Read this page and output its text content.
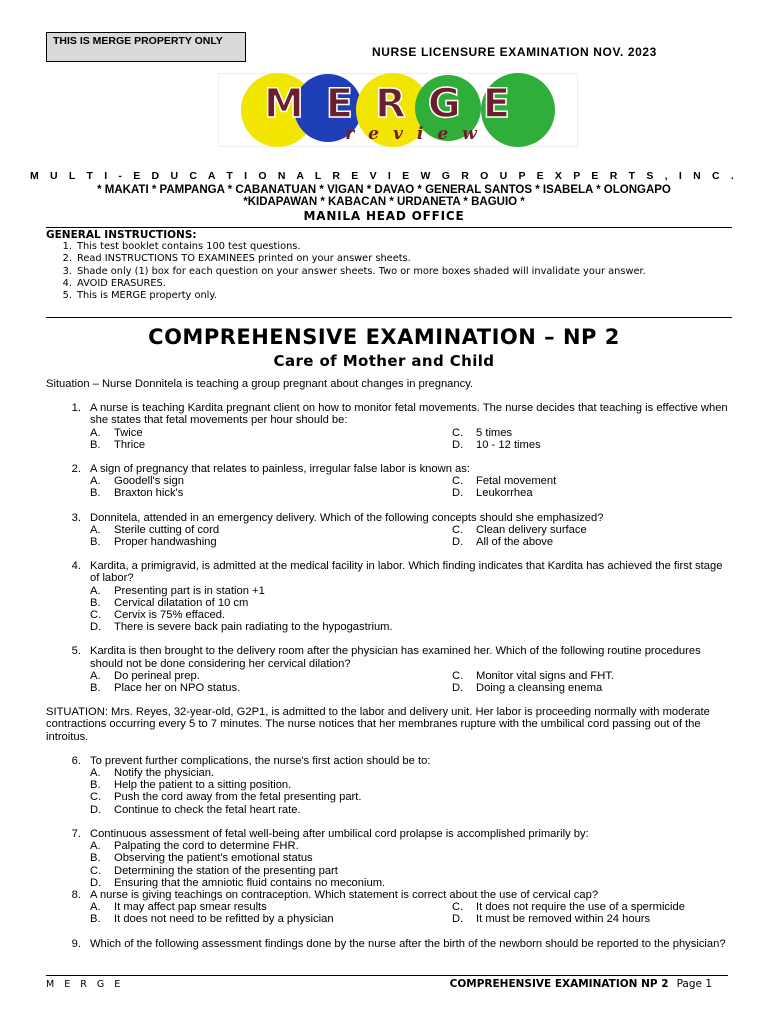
THIS IS MERGE PROPERTY ONLY
NURSE LICENSURE EXAMINATION NOV. 2023
MERGE
review
M U L T I - E D U C A T I O N A L R E V I E W G R O U P E X P E R T S , I N C .
* MAKATI * PAMPANGA * CABANATUAN * VIGAN * DAVAO * GENERAL SANTOS * ISABELA * OLONGAPO
*KIDAPAWAN * KABACAN * URDANETA * BAGUIO *
MANILA HEAD OFFICE
GENERAL INSTRUCTIONS:
1. This test booklet contains 100 test questions.
2. Read INSTRUCTIONS TO EXAMINEES printed on your answer sheets.
3. Shade only (1) box for each question on your answer sheets. Two or more boxes shaded will invalidate your answer.
4. AVOID ERASURES.
5. This is MERGE property only.
COMPREHENSIVE EXAMINATION – NP 2
Care of Mother and Child

Situation – Nurse Donnitela is teaching a group pregnant about changes in pregnancy.

1. A nurse is teaching Kardita pregnant client on how to monitor fetal movements. The nurse decides that teaching is effective when she states that fetal movements per hour should be:
A.	Twice	C.	5 times
B.	Thrice	D.	10 - 12 times
2. A sign of pregnancy that relates to painless, irregular false labor is known as:
A.	Goodell's sign	C.	Fetal movement
B.	Braxton hick's	D.	Leukorrhea
3. Donnitela, attended in an emergency delivery. Which of the following concepts should she emphasized?
A.	Sterile cutting of cord	C.	Clean delivery surface
B.	Proper handwashing	D.	All of the above
4. Kardita, a primigravid, is admitted at the medical facility in labor. Which finding indicates that Kardita has achieved the first stage of labor?
A.	Presenting part is in station +1
B.	Cervical dilatation of 10 cm
C.	Cervix is 75% effaced.
D.	There is severe back pain radiating to the hypogastrium.
5. Kardita is then brought to the delivery room after the physician has examined her. Which of the following routine procedures should not be done considering her cervical dilation?
A.	Do perineal prep.	C.	Monitor vital signs and FHT.
B.	Place her on NPO status.	D.	Doing a cleansing enema

SITUATION: Mrs. Reyes, 32-year-old, G2P1, is admitted to the labor and delivery unit. Her labor is proceeding normally with moderate contractions occurring every 5 to 7 minutes. The nurse notices that her membranes rupture with the umbilical cord passing out of the introitus.

6. To prevent further complications, the nurse's first action should be to:
A.	Notify the physician.
B.	Help the patient to a sitting position.
C.	Push the cord away from the fetal presenting part.
D.	Continue to check the fetal heart rate.
7. Continuous assessment of fetal well-being after umbilical cord prolapse is accomplished primarily by:
A.	Palpating the cord to determine FHR.
B.	Observing the patient's emotional status
C.	Determining the station of the presenting part
D.	Ensuring that the amniotic fluid contains no meconium.
8. A nurse is giving teachings on contraception. Which statement is correct about the use of cervical cap?
A.	It may affect pap smear results	C.	It does not require the use of a spermicide
B.	It does not need to be refitted by a physician	D.	It must be removed within 24 hours
9. Which of the following assessment findings done by the nurse after the birth of the newborn should be reported to the physician?
M E R G E	COMPREHENSIVE EXAMINATION NP 2 Page 1
